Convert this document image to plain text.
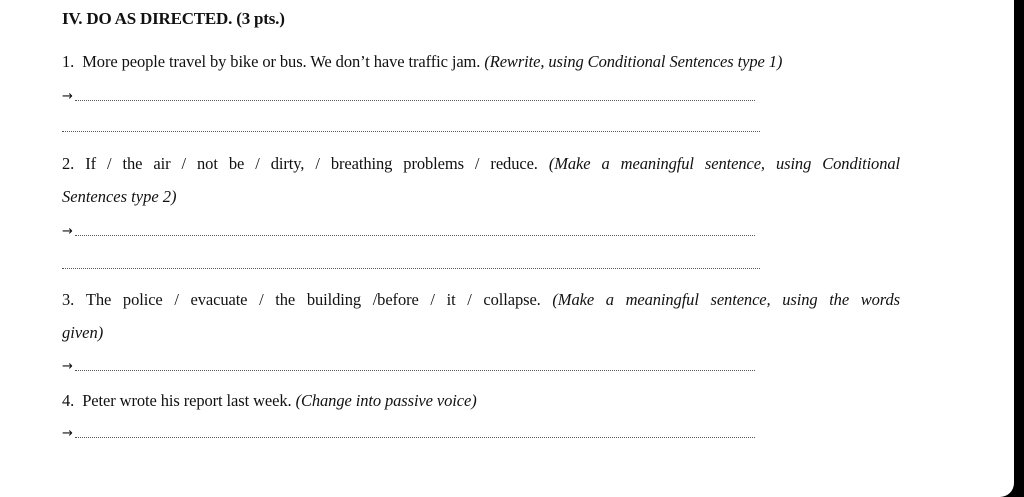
IV. DO AS DIRECTED. (3 pts.)
1. More people travel by bike or bus. We don’t have traffic jam. (Rewrite, using Conditional Sentences type 1)
→
2. If / the air / not be / dirty, / breathing problems / reduce. (Make a meaningful sentence, using Conditional
Sentences type 2)
→
3. The police / evacuate / the building /before / it / collapse. (Make a meaningful sentence, using the words
given)
→
4. Peter wrote his report last week. (Change into passive voice)
→
